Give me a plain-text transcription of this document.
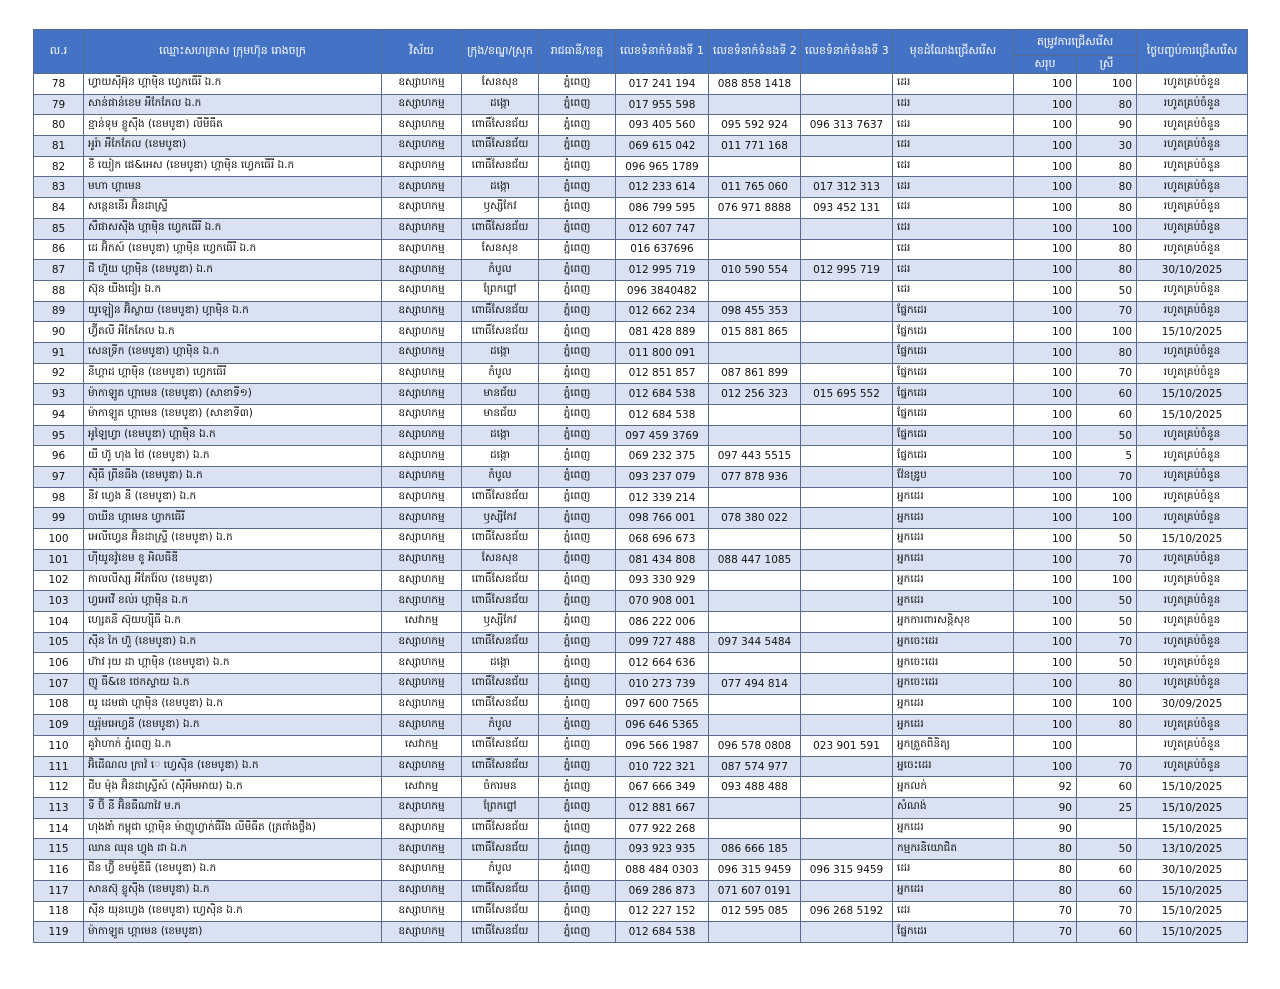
ល.រ	ឈ្មោះសហគ្រាស ក្រុមហ៊ុន រោងចក្រ	វិស័យ	ក្រុង/ខណ្ឌ/ស្រុក	រាជធានី/ខេត្ត	លេខទំនាក់ទំនងទី 1	លេខទំនាក់ទំនងទី 2	លេខទំនាក់ទំនងទី 3	មុខដំណែងជ្រើសរើស	តម្រូវការជ្រើសរើស		ថ្ងៃបញ្ចប់ការជ្រើសរើស
									សរុប	ស្រី	
78	ហ្វាយស៊ីអ៊ុន ហ្គាម៉ិន ហ្វេកធើរី ឯ.ក	ឧស្សាហកម្ម	សែនសុខ	ភ្នំពេញ	017 241 194	088 858 1418		ដេរ	100	100	រហូតគ្រប់ចំនួន
79	សាន់ផាន់ខេម អឹកែភែល ឯ.ក	ឧស្សាហកម្ម	ដង្កោ	ភ្នំពេញ	017 955 598			ដេរ	100	80	រហូតគ្រប់ចំនួន
80	ខ្មាន់ទុម ខ្លូស៊ីង (ខេមបូឌា) លីមីធីត	ឧស្សាហកម្ម	ពោធិ៍សែនជ័យ	ភ្នំពេញ	093 405 560	095 592 924	096 313 7637	ដេរ	100	90	រហូតគ្រប់ចំនួន
81	អូរ៉ា អឹកែភែល (ខេមបូឌា)	ឧស្សាហកម្ម	ពោធិ៍សែនជ័យ	ភ្នំពេញ	069 615 042	011 771 168		ដេរ	100	30	រហូតគ្រប់ចំនួន
82	ខឺ យៀក ផេ&អេស (ខេមបូឌា) ហ្គាម៉ិន ហ្វេកធើរី ឯ.ក	ឧស្សាហកម្ម	ពោធិ៍សែនជ័យ	ភ្នំពេញ	096 965 1789			ដេរ	100	80	រហូតគ្រប់ចំនួន
83	មហា ហ្គាមេន	ឧស្សាហកម្ម	ដង្កោ	ភ្នំពេញ	012 233 614	011 765 060	017 312 313	ដេរ	100	80	រហូតគ្រប់ចំនួន
84	សន្ដេននើរ អ៊ិនដាស្ទ្រី	ឧស្សាហកម្ម	ឫស្សីកែវ	ភ្នំពេញ	086 799 595	076 971 8888	093 452 131	ដេរ	100	80	រហូតគ្រប់ចំនួន
85	សឹផាសស៊ីង ហ្គាម៉ិន ហ្វេកធើរី ឯ.ក	ឧស្សាហកម្ម	ពោធិ៍សែនជ័យ	ភ្នំពេញ	012 607 747			ដេរ	100	100	រហូតគ្រប់ចំនួន
86	ដេ អ៊ិកស៍ (ខេមបូឌា) ហ្គាម៉ិន ហ្វេកធើរី ឯ.ក	ឧស្សាហកម្ម	សែនសុខ	ភ្នំពេញ	016 637696			ដេរ	100	80	រហូតគ្រប់ចំនួន
87	ជី ហ៊ួយ ហ្គាម៉ិន (ខេមបូឌា) ឯ.ក	ឧស្សាហកម្ម	កំបូល	ភ្នំពេញ	012 995 719	010 590 554	012 995 719	ដេរ	100	80	30/10/2025
88	ស៊ុន យីងជៀរ ឯ.ក	ឧស្សាហកម្ម	ព្រែកព្នៅ	ភ្នំពេញ	096 3840482			ដេរ	100	50	រហូតគ្រប់ចំនួន
89	យូឡៀន អ៊ិស្លាយ (ខេមបូឌា) ហ្គាម៉ិន ឯ.ក	ឧស្សាហកម្ម	ពោធិ៍សែនជ័យ	ភ្នំពេញ	012 662 234	098 455 353		ផ្នែកដេរ	100	70	រហូតគ្រប់ចំនួន
90	ហ្វ៊ីតលី អឹកែភែល ឯ.ក	ឧស្សាហកម្ម	ពោធិ៍សែនជ័យ	ភ្នំពេញ	081 428 889	015 881 865		ផ្នែកដេរ	100	100	15/10/2025
91	សេនទ្រីក (ខេមបូឌា) ហ្គាម៉ិន ឯ.ក	ឧស្សាហកម្ម	ដង្កោ	ភ្នំពេញ	011 800 091			ផ្នែកដេរ	100	80	រហូតគ្រប់ចំនួន
92	នីហ្គាដ ហ្គាម៉ិន (ខេមបូឌា) ហ្វេកធើរី	ឧស្សាហកម្ម	កំបូល	ភ្នំពេញ	012 851 857	087 861 899		ផ្នែកដេរ	100	70	រហូតគ្រប់ចំនួន
93	ម៉ាកាឡូត ហ្គាមេន (ខេមបូឌា) (សាខាទី១)	ឧស្សាហកម្ម	មានជ័យ	ភ្នំពេញ	012 684 538	012 256 323	015 695 552	ផ្នែកដេរ	100	60	15/10/2025
94	ម៉ាកាឡូត ហ្គាមេន (ខេមបូឌា) (សាខាទី៣)	ឧស្សាហកម្ម	មានជ័យ	ភ្នំពេញ	012 684 538			ផ្នែកដេរ	100	60	15/10/2025
95	អូឡៃហ្វា (ខេមបូឌា) ហ្គាម៉ិន ឯ.ក	ឧស្សាហកម្ម	ដង្កោ	ភ្នំពេញ	097 459 3769			ផ្នែកដេរ	100	50	រហូតគ្រប់ចំនួន
96	យី ហ៊ូ ហុង ថៃ (ខេមបូឌា) ឯ.ក	ឧស្សាហកម្ម	ដង្កោ	ភ្នំពេញ	069 232 375	097 443 5515		ផ្នែកដេរ	100	5	រហូតគ្រប់ចំនួន
97	ស៊ីធី ព្រីនធីង (ខេមបូឌា) ឯ.ក	ឧស្សាហកម្ម	កំបូល	ភ្នំពេញ	093 237 079	077 878 936		វ៉ែនឌ្រូប	100	70	រហូតគ្រប់ចំនួន
98	នីវ ហ្វេង នី (ខេមបូឌា) ឯ.ក	ឧស្សាហកម្ម	ពោធិ៍សែនជ័យ	ភ្នំពេញ	012 339 214			អ្នកដេរ	100	100	រហូតគ្រប់ចំនួន
99	បាឃីន ហ្គាមេន ហ្វាកធើរី	ឧស្សាហកម្ម	ឫស្សីកែវ	ភ្នំពេញ	098 766 001	078 380 022		អ្នកដេរ	100	100	រហូតគ្រប់ចំនួន
100	អេលីហ្វេន អ៊ិនដាស្ទ្រី (ខេមបូឌា) ឯ.ក	ឧស្សាហកម្ម	ពោធិ៍សែនជ័យ	ភ្នំពេញ	068 696 673			អ្នកដេរ	100	50	15/10/2025
101	ហ៊ីយូនវ៉ូខេម ខូ អិលធីឌី	ឧស្សាហកម្ម	សែនសុខ	ភ្នំពេញ	081 434 808	088 447 1085		អ្នកដេរ	100	70	រហូតគ្រប់ចំនួន
102	កាលលីស្ស អឹភែរ៉ែល (ខេមបូឌា)	ឧស្សាហកម្ម	ពោធិ៍សែនជ័យ	ភ្នំពេញ	093 330 929			អ្នកដេរ	100	100	រហូតគ្រប់ចំនួន
103	ហ្វអេវើ ខល់រ ហ្គាម៉ិន ឯ.ក	ឧស្សាហកម្ម	ពោធិ៍សែនជ័យ	ភ្នំពេញ	070 908 001			អ្នកដេរ	100	50	រហូតគ្រប់ចំនួន
104	ហ្សេតនី ស៊ុយហ្ស៊ីធី ឯ.ក	សេវាកម្ម	ឫស្សីកែវ	ភ្នំពេញ	086 222 006			អ្នកការពារសន្តិសុខ	100	50	រហូតគ្រប់ចំនួន
105	ស៊ីន កៃ ហ៊ួ (ខេមបូឌា) ឯ.ក	ឧស្សាហកម្ម	ពោធិ៍សែនជ័យ	ភ្នំពេញ	099 727 488	097 344 5484		អ្នកចេះដេរ	100	70	រហូតគ្រប់ចំនួន
106	ហ៊ាវ រុយ ដា ហ្គាម៉ិន (ខេមបូឌា) ឯ.ក	ឧស្សាហកម្ម	ដង្កោ	ភ្នំពេញ	012 664 636			អ្នកចេះដេរ	100	50	រហូតគ្រប់ចំនួន
107	ញូ ធី&ខេ ថេកស្ទាយ ឯ.ក	ឧស្សាហកម្ម	ពោធិ៍សែនជ័យ	ភ្នំពេញ	010 273 739	077 494 814		អ្នកចេះដេរ	100	80	រហូតគ្រប់ចំនួន
108	យូ ដេមផា ហ្គាម៉ិន (ខេមបូឌា) ឯ.ក	ឧស្សាហកម្ម	ពោធិ៍សែនជ័យ	ភ្នំពេញ	097 600 7565			អ្នកដេរ	100	100	30/09/2025
109	យូរ៉ុមអេហ្វនី (ខេមបូឌា) ឯ.ក	ឧស្សាហកម្ម	កំបូល	ភ្នំពេញ	096 646 5365			អ្នកដេរ	100	80	រហូតគ្រប់ចំនួន
110	គូវ៉ាហាក់ ភ្នំពេញ ឯ.ក	សេវាកម្ម	ពោធិ៍សែនជ័យ	ភ្នំពេញ	096 566 1987	096 578 0808	023 901 591	អ្នកត្រួតពិនិត្យ	100		រហូតគ្រប់ចំនួន
111	អ៊ិដើណល ក្រាវ៉ េ ហ្វេស៊ិន (ខេមបូឌា) ឯ.ក	ឧស្សាហកម្ម	ពោធិ៍សែនជ័យ	ភ្នំពេញ	010 722 321	087 574 977		អ្នចេះដេរ	100	70	រហូតគ្រប់ចំនួន
112	ជីប ម៉ុង អ៊ិនដាស្ទ្រីស៍ (ស៊ីអឹមអាយ) ឯ.ក	សេវាកម្ម	ចំការមន	ភ្នំពេញ	067 666 349	093 488 488		អ្នកលក់	92	60	15/10/2025
113	ទី ប៊ី នី អ៊ិនធឺណាវៃ ម.ក	ឧស្សាហកម្ម	ព្រែកព្នៅ	ភ្នំពេញ	012 881 667			សំណង់	90	25	15/10/2025
114	ហុងងាំ កម្ពុជា ហ្គាម៉ិន ម៉ាញូហ្វាក់ធឺរីង លីមីធីត (ត្រពាំងថ្លឹង)	ឧស្សាហកម្ម	ពោធិ៍សែនជ័យ	ភ្នំពេញ	077 922 268			អ្នកដេរ	90		15/10/2025
115	ឈាន ឈុន ហ្វុង ដា ឯ.ក	ឧស្សាហកម្ម	ពោធិ៍សែនជ័យ	ភ្នំពេញ	093 923 935	086 666 185		កម្មករនិយោជិត	80	50	13/10/2025
116	ជីន ហ្វ៊ី ខមម៉ូឌីធី (ខេមបូឌា) ឯ.ក	ឧស្សាហកម្ម	កំបូល	ភ្នំពេញ	088 484 0303	096 315 9459	096 315 9459	ដេរ	80	60	30/10/2025
117	សានស៊ុ ខ្លូស៊ីង (ខេមបូឌា) ឯ.ក	ឧស្សាហកម្ម	ពោធិ៍សែនជ័យ	ភ្នំពេញ	069 286 873	071 607 0191		អ្នកដេរ	80	60	15/10/2025
118	ស៊ីន យុនហ្វេង (ខេមបូឌា) ហ្វេស៊ិន ឯ.ក	ឧស្សាហកម្ម	ពោធិ៍សែនជ័យ	ភ្នំពេញ	012 227 152	012 595 085	096 268 5192	ដេរ	70	70	15/10/2025
119	ម៉ាកាឡូត ហ្គាមេន (ខេមបូឌា)	ឧស្សាហកម្ម	ពោធិ៍សែនជ័យ	ភ្នំពេញ	012 684 538			ផ្នែកដេរ	70	60	15/10/2025
